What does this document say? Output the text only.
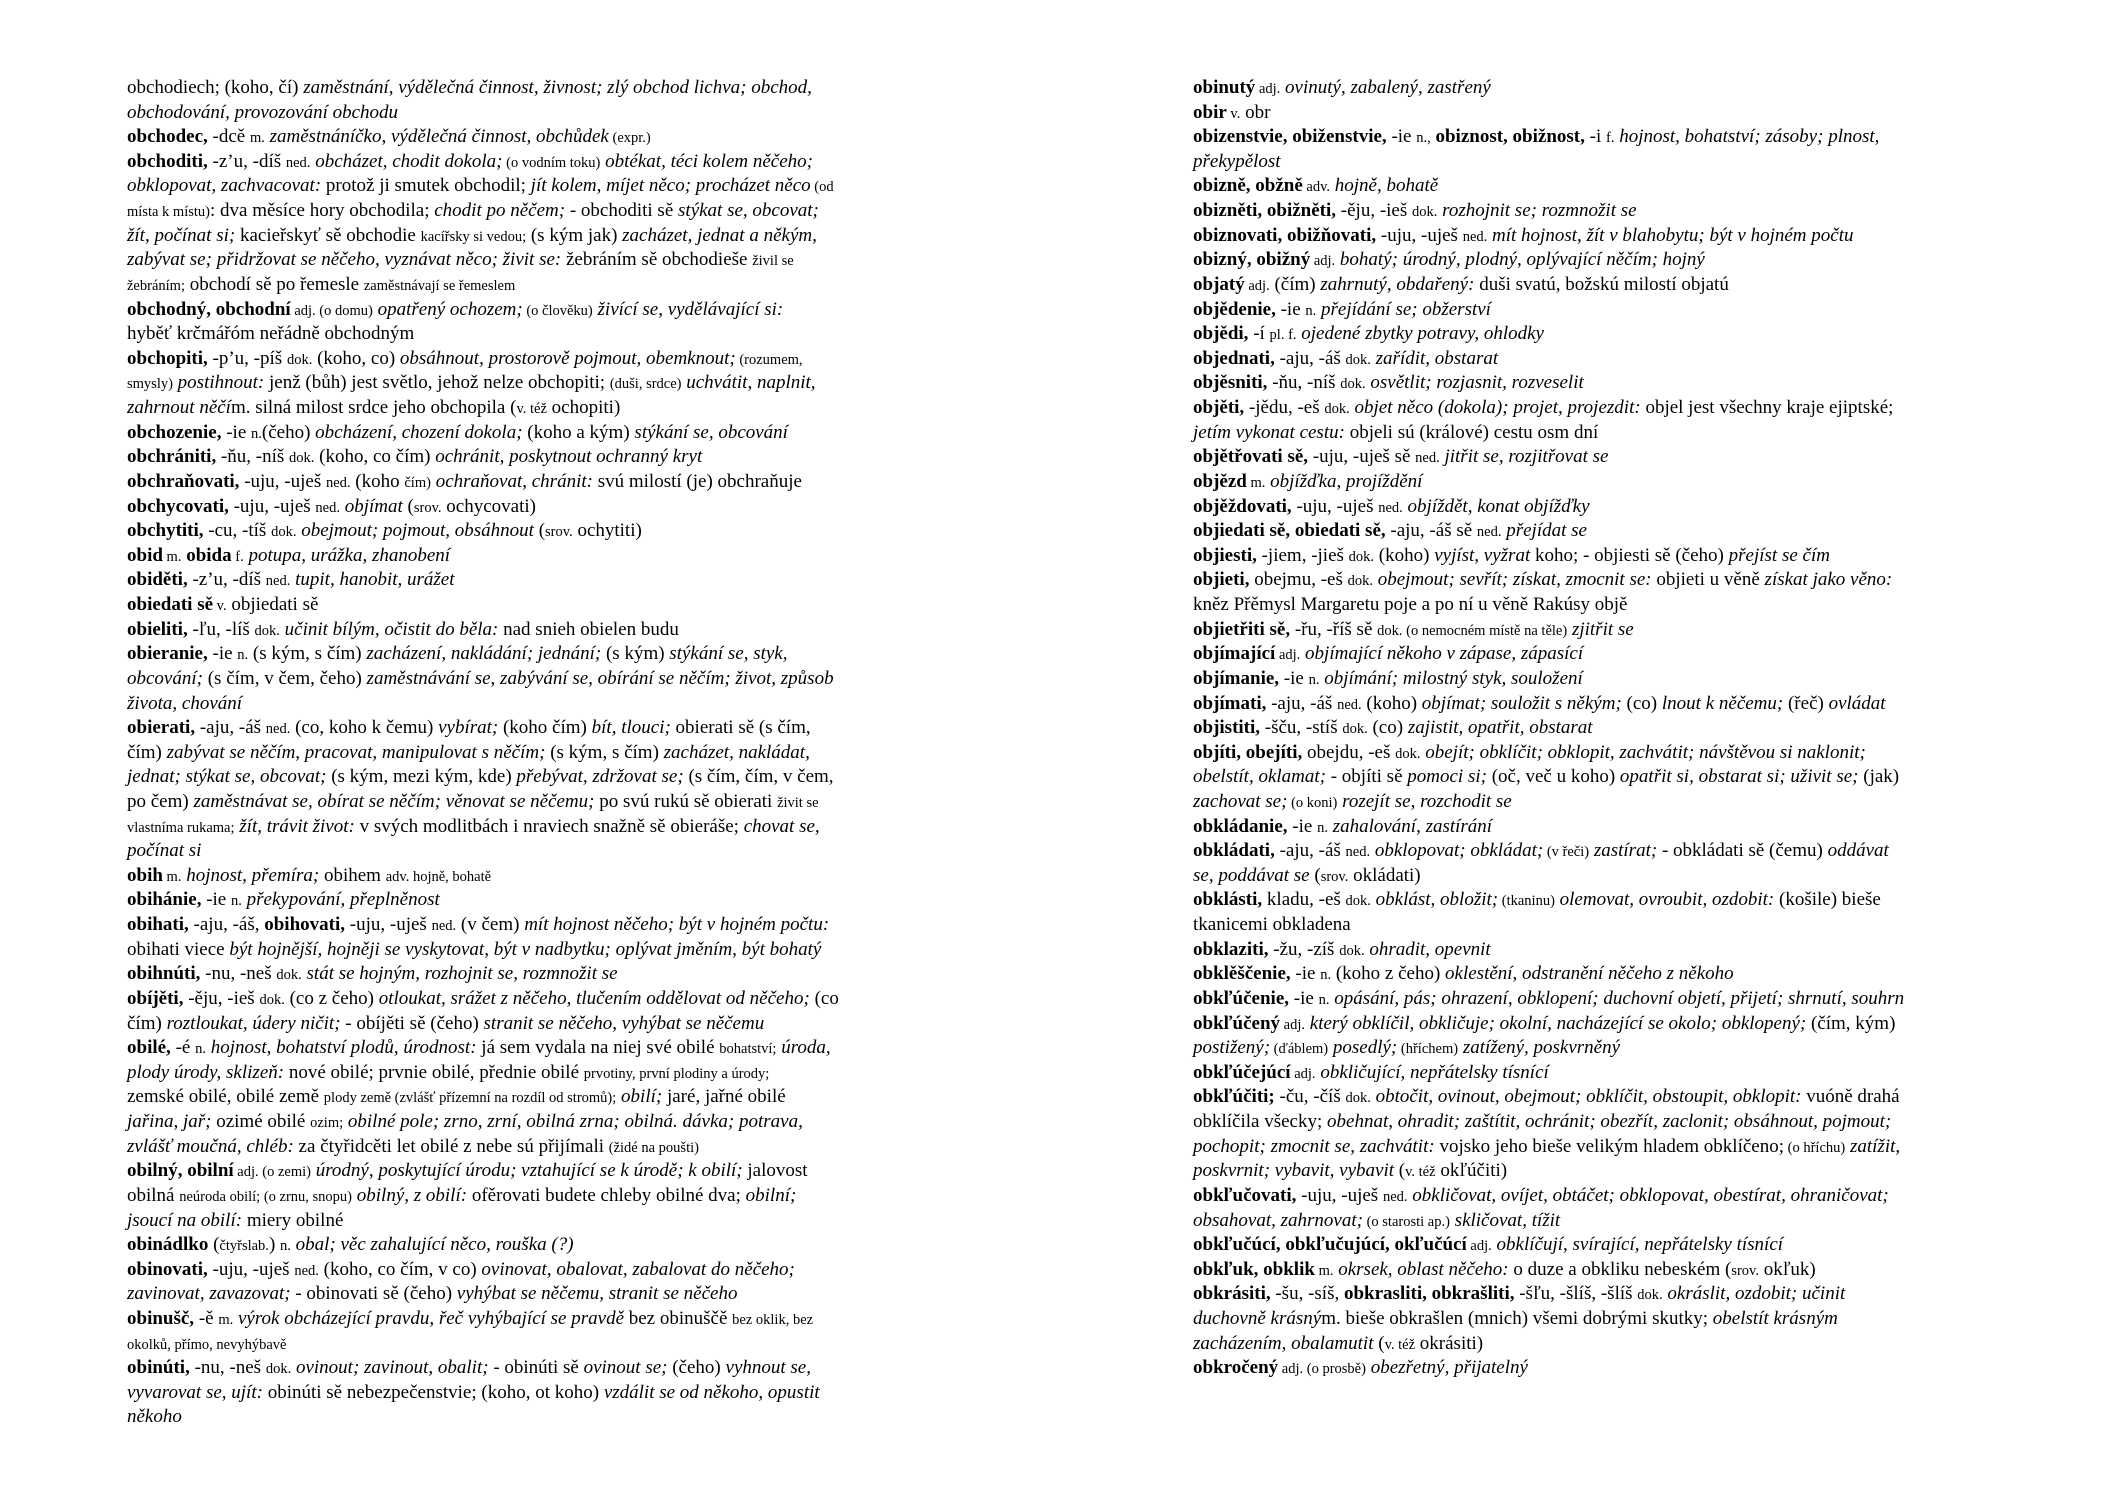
obchodiech; (koho, čí) zaměstnání, výdělečná činnost, živnost; zlý obchod lichva; obchod,
obchodování, provozování obchodu
obchodec, -dcě m. zaměstnáníčko, výdělečná činnost, obchůdek (expr.)
obchoditi, -z’u, -díš ned. obcházet, chodit dokola; (o vodním toku) obtékat, téci kolem něčeho;
obklopovat, zachvacovat: protož ji smutek obchodil; jít kolem, míjet něco; procházet něco (od
místa k místu): dva měsíce hory obchodila; chodit po něčem; - obchoditi sě stýkat se, obcovat;
žít, počínat si; kacieřskyť sě obchodie kacířsky si vedou; (s kým jak) zacházet, jednat a někým,
zabývat se; přidržovat se něčeho, vyznávat něco; živit se: žebráním sě obchodieše živil se
žebráním; obchodí sě po řemesle zaměstnávají se řemeslem
obchodný, obchodní adj. (o domu) opatřený ochozem; (o člověku) živící se, vydělávající si:
hyběť krčmářóm neřádně obchodným
obchopiti, -p’u, -píš dok. (koho, co) obsáhnout, prostorově pojmout, obemknout; (rozumem,
smysly) postihnout: jenž (bůh) jest světlo, jehož nelze obchopiti; (duši, srdce) uchvátit, naplnit,
zahrnout něčím. silná milost srdce jeho obchopila (v. též ochopiti)
obchozenie, -ie n.(čeho) obcházení, chození dokola; (koho a kým) stýkání se, obcování
obchrániti, -ňu, -níš dok. (koho, co čím) ochránit, poskytnout ochranný kryt
obchraňovati, -uju, -uješ ned. (koho čím) ochraňovat, chránit: svú milostí (je) obchraňuje
obchycovati, -uju, -uješ ned. objímat (srov. ochycovati)
obchytiti, -cu, -tíš dok. obejmout; pojmout, obsáhnout (srov. ochytiti)
obid m. obida f. potupa, urážka, zhanobení
obiděti, -z’u, -díš ned. tupit, hanobit, urážet
obiedati sě v. objiedati sě
obieliti, -ľu, -líš dok. učinit bílým, očistit do běla: nad snieh obielen budu
obieranie, -ie n. (s kým, s čím) zacházení, nakládání; jednání; (s kým) stýkání se, styk,
obcování; (s čím, v čem, čeho) zaměstnávání se, zabývání se, obírání se něčím; život, způsob
života, chování
obierati, -aju, -áš ned. (co, koho k čemu) vybírat; (koho čím) bít, tlouci; obierati sě (s čím,
čím) zabývat se něčím, pracovat, manipulovat s něčím; (s kým, s čím) zacházet, nakládat,
jednat; stýkat se, obcovat; (s kým, mezi kým, kde) přebývat, zdržovat se; (s čím, čím, v čem,
po čem) zaměstnávat se, obírat se něčím; věnovat se něčemu; po svú rukú sě obierati živit se
vlastníma rukama; žít, trávit život: v svých modlitbách i nraviech snažně sě obieráše; chovat se,
počínat si
obih m. hojnost, přemíra; obihem adv. hojně, bohatě
obihánie, -ie n. překypování, přeplněnost
obihati, -aju, -áš, obihovati, -uju, -uješ ned. (v čem) mít hojnost něčeho; být v hojném počtu:
obihati viece být hojnější, hojněji se vyskytovat, být v nadbytku; oplývat jměním, být bohatý
obihnúti, -nu, -neš dok. stát se hojným, rozhojnit se, rozmnožit se
obíjěti, -ěju, -ieš dok. (co z čeho) otloukat, srážet z něčeho, tlučením oddělovat od něčeho; (co
čím) roztloukat, údery ničit; - obíjěti sě (čeho) stranit se něčeho, vyhýbat se něčemu
obilé, -é n. hojnost, bohatství plodů, úrodnost: já sem vydala na niej své obilé bohatství; úroda,
plody úrody, sklizeň: nové obilé; prvnie obilé, přednie obilé prvotiny, první plodiny a úrody;
zemské obilé, obilé země plody země (zvlášť přízemní na rozdíl od stromů); obilí; jaré, jařné obilé
jařina, jař; ozimé obilé ozim; obilné pole; zrno, zrní, obilná zrna; obilná. dávka; potrava,
zvlášť moučná, chléb: za čtyřidcěti let obilé z nebe sú přijímali (židé na poušti)
obilný, obilní adj. (o zemi) úrodný, poskytující úrodu; vztahující se k úrodě; k obilí; jalovost
obilná neúroda obilí; (o zrnu, snopu) obilný, z obilí: ofěrovati budete chleby obilné dva; obilní;
jsoucí na obilí: miery obilné
obinádlko (čtyřslab.) n. obal; věc zahalující něco, rouška (?)
obinovati, -uju, -uješ ned. (koho, co čím, v co) ovinovat, obalovat, zabalovat do něčeho;
zavinovat, zavazovat; - obinovati sě (čeho) vyhýbat se něčemu, stranit se něčeho
obinušč, -ě m. výrok obcházející pravdu, řeč vyhýbající se pravdě bez obinuščě bez oklik, bez
okolků, přímo, nevyhýbavě
obinúti, -nu, -neš dok. ovinout; zavinout, obalit; - obinúti sě ovinout se; (čeho) vyhnout se,
vyvarovat se, ujít: obinúti sě nebezpečenstvie; (koho, ot koho) vzdálit se od někoho, opustit
někoho
obinutý adj. ovinutý, zabalený, zastřený
obir v. obr
obizenstvie, obiženstvie, -ie n., obiznost, obižnost, -i f. hojnost, bohatství; zásoby; plnost,
překypělost
obizně, obžně adv. hojně, bohatě
obizněti, obižněti, -ěju, -ieš dok. rozhojnit se; rozmnožit se
obiznovati, obižňovati, -uju, -uješ ned. mít hojnost, žít v blahobytu; být v hojném počtu
obizný, obižný adj. bohatý; úrodný, plodný, oplývající něčím; hojný
objatý adj. (čím) zahrnutý, obdařený: duši svatú, božskú milostí objatú
objědenie, -ie n. přejídání se; obžerství
objědi, -í pl. f. ojedené zbytky potravy, ohlodky
objednati, -aju, -áš dok. zařídit, obstarat
objěsniti, -ňu, -níš dok. osvětlit; rozjasnit, rozveselit
objěti, -jědu, -eš dok. objet něco (dokola); projet, projezdit: objel jest všechny kraje ejiptské;
jetím vykonat cestu: objeli sú (králové) cestu osm dní
objětřovati sě, -uju, -uješ sě ned. jitřit se, rozjitřovat se
objězd m. objížďka, projíždění
objěždovati, -uju, -uješ ned. objíždět, konat objížďky
objiedati sě, obiedati sě, -aju, -áš sě ned. přejídat se
objiesti, -jiem, -jieš dok. (koho) vyjíst, vyžrat koho; - objiesti sě (čeho) přejíst se čím
objieti, obejmu, -eš dok. obejmout; sevřít; získat, zmocnit se: objieti u věně získat jako věno:
kněz Přěmysl Margaretu poje a po ní u věně Rakúsy objě
objietřiti sě, -řu, -říš sě dok. (o nemocném místě na těle) zjitřit se
objímající adj. objímající někoho v zápase, zápasící
objímanie, -ie n. objímání; milostný styk, souložení
objímati, -aju, -áš ned. (koho) objímat; souložit s někým; (co) lnout k něčemu; (řeč) ovládat
objistiti, -šču, -stíš dok. (co) zajistit, opatřit, obstarat
objíti, obejíti, obejdu, -eš dok. obejít; obklíčit; obklopit, zachvátit; návštěvou si naklonit;
obelstít, oklamat; - objíti sě pomoci si; (oč, več u koho) opatřit si, obstarat si; uživit se; (jak)
zachovat se; (o koni) rozejít se, rozchodit se
obkládanie, -ie n. zahalování, zastírání
obkládati, -aju, -áš ned. obklopovat; obkládat; (v řeči) zastírat; - obkládati sě (čemu) oddávat
se, poddávat se (srov. okládati)
obklásti, kladu, -eš dok. obklást, obložit; (tkaninu) olemovat, ovroubit, ozdobit: (košile) bieše
tkanicemi obkladena
obklaziti, -žu, -zíš dok. ohradit, opevnit
obklěščenie, -ie n. (koho z čeho) oklestění, odstranění něčeho z někoho
obkľúčenie, -ie n. opásání, pás; ohrazení, obklopení; duchovní objetí, přijetí; shrnutí, souhrn
obkľúčený adj. který obklíčil, obkličuje; okolní, nacházející se okolo; obklopený; (čím, kým)
postižený; (ďáblem) posedlý; (hříchem) zatížený, poskvrněný
obkľúčejúcí adj. obkličující, nepřátelsky tísnící
obkľúčiti; -ču, -číš dok. obtočit, ovinout, obejmout; obklíčit, obstoupit, obklopit: vuóně drahá
obklíčila všecky; obehnat, ohradit; zaštítit, ochránit; obezřít, zaclonit; obsáhnout, pojmout;
pochopit; zmocnit se, zachvátit: vojsko jeho bieše velikým hladem obklíčeno; (o hříchu) zatížit,
poskvrnit; vybavit, vybavit (v. též okľúčiti)
obkľučovati, -uju, -uješ ned. obkličovat, ovíjet, obtáčet; obklopovat, obestírat, ohraničovat;
obsahovat, zahrnovat; (o starosti ap.) skličovat, tížit
obkľučúcí, obkľučujúcí, okľučúcí adj. obklíčují, svírající, nepřátelsky tísnící
obkľuk, obklik m. okrsek, oblast něčeho: o duze a obkliku nebeském (srov. okľuk)
obkrásiti, -šu, -síš, obkrasliti, obkrašliti, -šľu, -šlíš, -šlíš dok. okráslit, ozdobit; učinit
duchovně krásným. bieše obkrašlen (mnich) všemi dobrými skutky; obelstít krásným
zacházením, obalamutit (v. též okrásiti)
obkročený adj. (o prosbě) obezřetný, přijatelný
